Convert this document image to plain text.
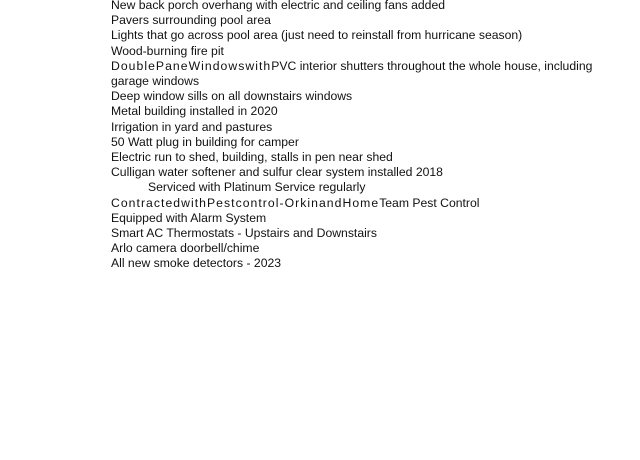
New back porch overhang with electric and ceiling fans added
Pavers surrounding pool area
Lights that go across pool area (just need to reinstall from hurricane season)
Wood-burning fire pit
DoublePaneWindowswithPVC interior shutters throughout the whole house, including garage windows
Deep window sills on all downstairs windows
Metal building installed in 2020
Irrigation in yard and pastures
50 Watt plug in building for camper
Electric run to shed, building, stalls in pen near shed
Culligan water softener and sulfur clear system installed 2018
Serviced with Platinum Service regularly
ContractedwithPestcontrol-OrkinandHomeTeam Pest Control
Equipped with Alarm System
Smart AC Thermostats - Upstairs and Downstairs
Arlo camera doorbell/chime
All new smoke detectors - 2023
